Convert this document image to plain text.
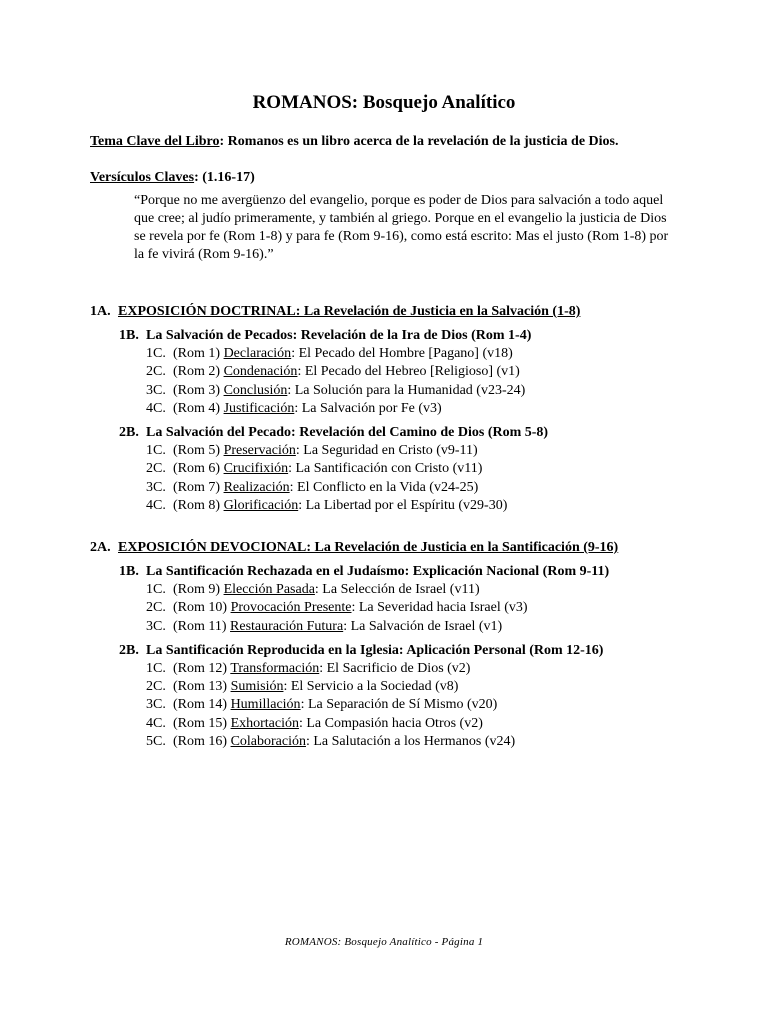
ROMANOS: Bosquejo Analítico
Tema Clave del Libro: Romanos es un libro acerca de la revelación de la justicia de Dios.
Versículos Claves: (1.16-17)
“Porque no me avergüenzo del evangelio, porque es poder de Dios para salvación a todo aquel que cree; al judío primeramente, y también al griego. Porque en el evangelio la justicia de Dios se revela por fe (Rom 1-8) y para fe (Rom 9-16), como está escrito: Mas el justo (Rom 1-8) por la fe vivirá (Rom 9-16).”
1A. EXPOSICIÓN DOCTRINAL: La Revelación de Justicia en la Salvación (1-8)
1B. La Salvación de Pecados: Revelación de la Ira de Dios (Rom 1-4)
1C. (Rom 1) Declaración: El Pecado del Hombre [Pagano] (v18)
2C. (Rom 2) Condenación: El Pecado del Hebreo [Religioso] (v1)
3C. (Rom 3) Conclusión: La Solución para la Humanidad (v23-24)
4C. (Rom 4) Justificación: La Salvación por Fe (v3)
2B. La Salvación del Pecado: Revelación del Camino de Dios (Rom 5-8)
1C. (Rom 5) Preservación: La Seguridad en Cristo (v9-11)
2C. (Rom 6) Crucifixión: La Santificación con Cristo (v11)
3C. (Rom 7) Realización: El Conflicto en la Vida (v24-25)
4C. (Rom 8) Glorificación: La Libertad por el Espíritu (v29-30)
2A. EXPOSICIÓN DEVOCIONAL: La Revelación de Justicia en la Santificación (9-16)
1B. La Santificación Rechazada en el Judaísmo: Explicación Nacional (Rom 9-11)
1C. (Rom 9) Elección Pasada: La Selección de Israel (v11)
2C. (Rom 10) Provocación Presente: La Severidad hacia Israel (v3)
3C. (Rom 11) Restauración Futura: La Salvación de Israel (v1)
2B. La Santificación Reproducida en la Iglesia: Aplicación Personal (Rom 12-16)
1C. (Rom 12) Transformación: El Sacrificio de Dios (v2)
2C. (Rom 13) Sumisión: El Servicio a la Sociedad (v8)
3C. (Rom 14) Humillación: La Separación de Sí Mismo (v20)
4C. (Rom 15) Exhortación: La Compasión hacia Otros (v2)
5C. (Rom 16) Colaboración: La Salutación a los Hermanos (v24)
ROMANOS: Bosquejo Analítico - Página 1
